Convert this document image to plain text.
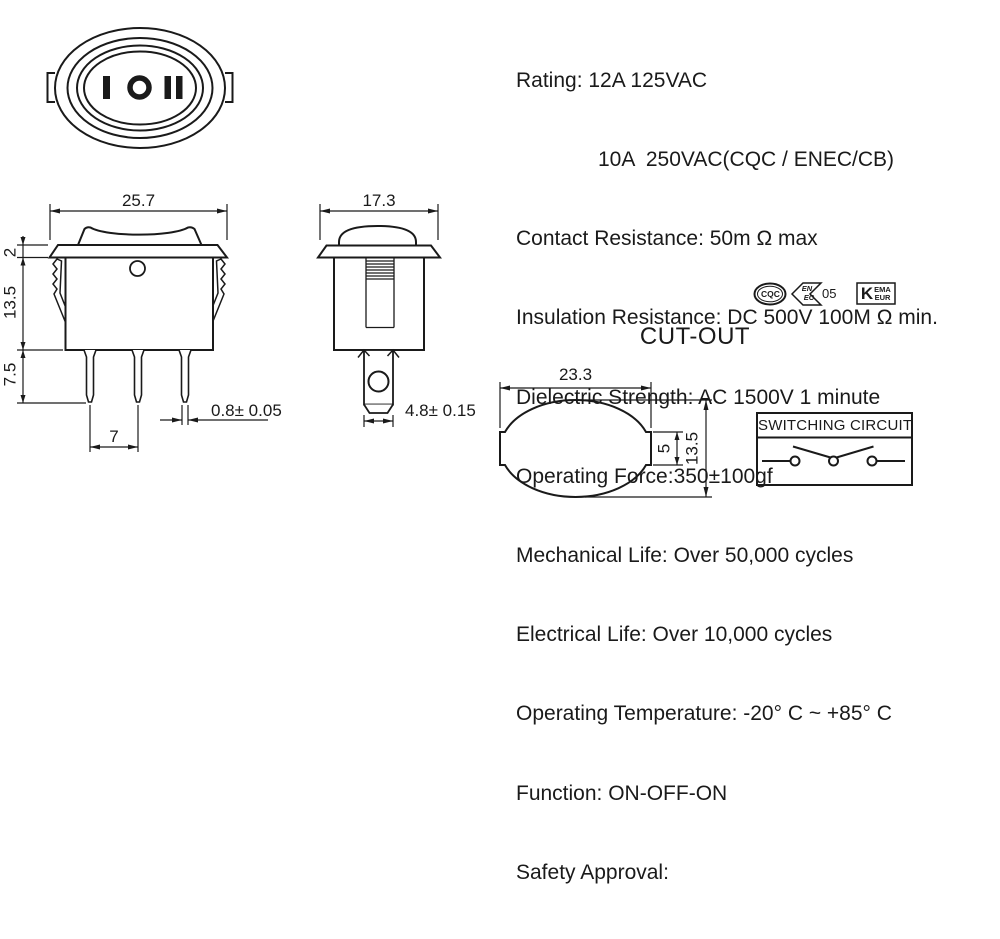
Rating: 12A 125VAC

10A  250VAC(CQC / ENEC/CB)

Contact Resistance: 50m Ω max

Insulation Resistance: DC 500V 100M Ω min.

Dielectric Strength: AC 1500V 1 minute

Operating Force:350±100gf

Mechanical Life: Over 50,000 cycles

Electrical Life: Over 10,000 cycles

Operating Temperature: -20° C ~ +85° C

Function: ON-OFF-ON

Safety Approval:

25.7
2
13.5
7.5
7
0.8± 0.05
17.3
4.8± 0.15
CUT-OUT
23.3
5 13.5
SWITCHING CIRCUIT
CQC
EN
EC 05	K EMA
EUR
